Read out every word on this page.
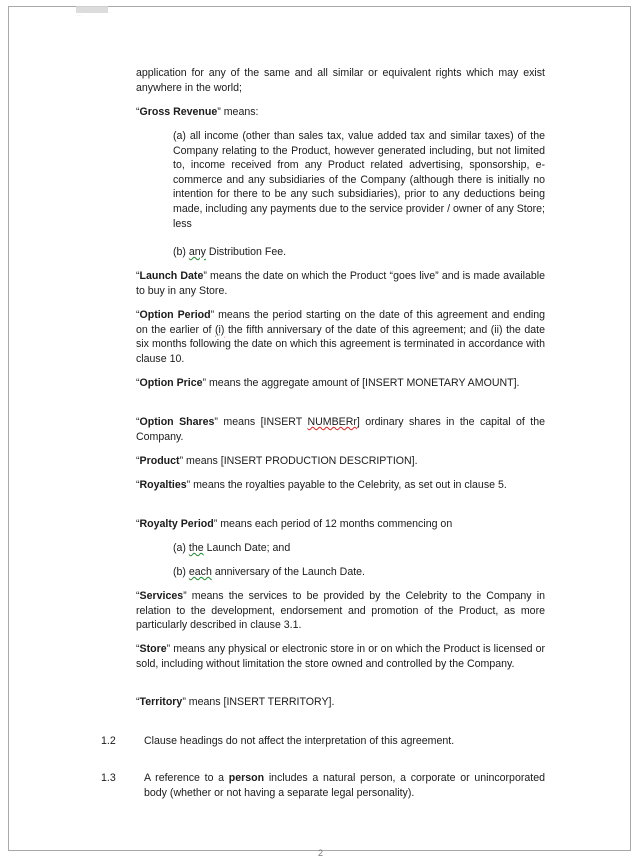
....
application for any of the same and all similar or equivalent rights which may exist anywhere in the world;
“Gross Revenue” means:
(a) all income (other than sales tax, value added tax and similar taxes) of the Company relating to the Product, however generated including, but not limited to, income received from any Product related advertising, sponsorship, e-commerce and any subsidiaries of the Company (although there is initially no intention for there to be any such subsidiaries), prior to any deductions being made, including any payments due to the service provider / owner of any Store; less
(b) any Distribution Fee.
“Launch Date” means the date on which the Product “goes live” and is made available to buy in any Store.
“Option Period” means the period starting on the date of this agreement and ending on the earlier of (i) the fifth anniversary of the date of this agreement; and (ii) the date six months following the date on which this agreement is terminated in accordance with clause 10.
“Option Price” means the aggregate amount of [INSERT MONETARY AMOUNT].
“Option Shares” means [INSERT NUMBERr] ordinary shares in the capital of the Company.
“Product” means [INSERT PRODUCTION DESCRIPTION].
“Royalties” means the royalties payable to the Celebrity, as set out in clause 5.
“Royalty Period” means each period of 12 months commencing on
(a) the Launch Date; and
(b) each anniversary of the Launch Date.
“Services” means the services to be provided by the Celebrity to the Company in relation to the development, endorsement and promotion of the Product, as more particularly described in clause 3.1.
“Store” means any physical or electronic store in or on which the Product is licensed or sold, including without limitation the store owned and controlled by the Company.
“Territory” means [INSERT TERRITORY].
1.2	Clause headings do not affect the interpretation of this agreement.
1.3	A reference to a person includes a natural person, a corporate or unincorporated body (whether or not having a separate legal personality).
2
